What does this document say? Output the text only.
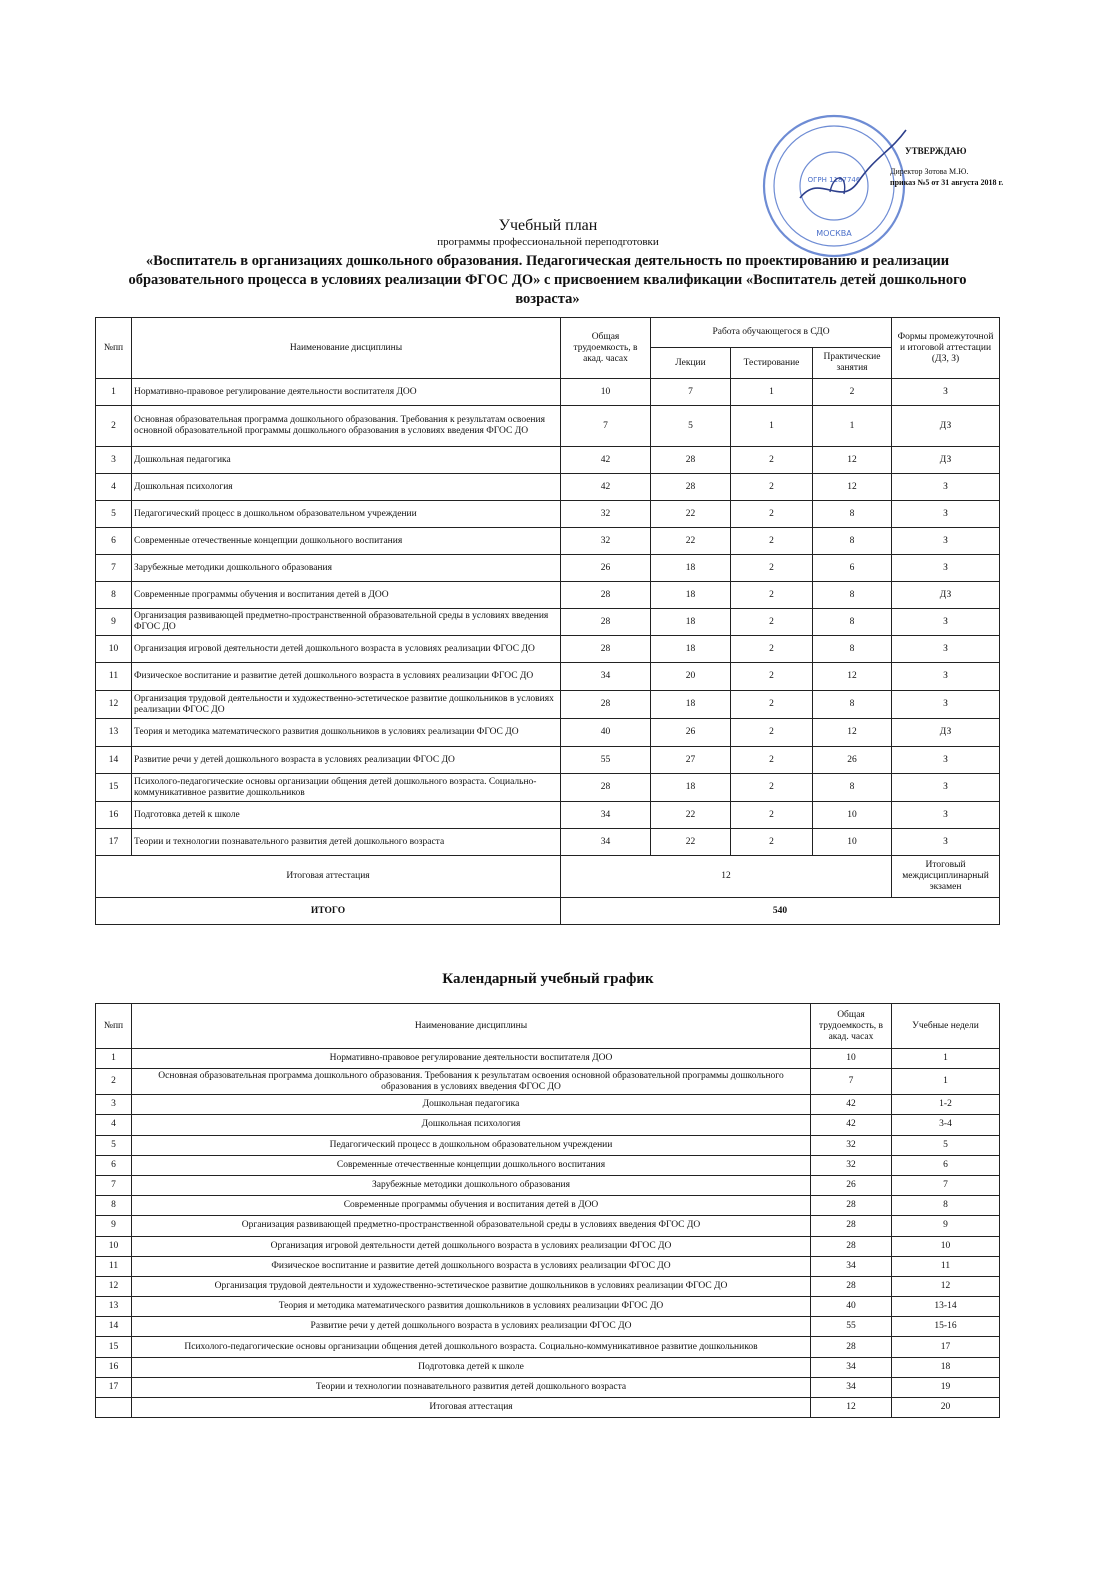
ОГРН 1187746
МОСКВА
УТВЕРЖДАЮ
Директор Зотова М.Ю.
приказ №5 от 31 августа 2018 г.
Учебный план
программы профессиональной переподготовки
«Воспитатель в организациях дошкольного образования. Педагогическая деятельность по проектированию и реализации образовательного процесса в условиях реализации ФГОС ДО» с присвоением квалификации «Воспитатель детей дошкольного возраста»
№пп	Наименование дисциплины	Общая трудоемкость, в акад. часах	Работа обучающегося в СДО			Формы промежуточной и итоговой аттестации (ДЗ, З)
			Лекции	Тестирование	Практические занятия	
1	Нормативно-правовое регулирование деятельности воспитателя ДОО	10	7	1	2	З
2	Основная образовательная программа дошкольного образования. Требования к результатам освоения основной образовательной программы дошкольного образования в условиях введения ФГОС ДО	7	5	1	1	ДЗ
3	Дошкольная педагогика	42	28	2	12	ДЗ
4	Дошкольная психология	42	28	2	12	З
5	Педагогический процесс в дошкольном образовательном учреждении	32	22	2	8	З
6	Современные отечественные концепции дошкольного воспитания	32	22	2	8	З
7	Зарубежные методики дошкольного образования	26	18	2	6	З
8	Современные программы обучения и воспитания детей в ДОО	28	18	2	8	ДЗ
9	Организация развивающей предметно-пространственной образовательной среды в условиях введения ФГОС ДО	28	18	2	8	З
10	Организация игровой деятельности детей дошкольного возраста в условиях реализации ФГОС ДО	28	18	2	8	З
11	Физическое воспитание и развитие детей дошкольного возраста в условиях реализации ФГОС ДО	34	20	2	12	З
12	Организация трудовой деятельности и художественно-эстетическое развитие дошкольников в условиях реализации ФГОС ДО	28	18	2	8	З
13	Теория и методика математического развития дошкольников в условиях реализации ФГОС ДО	40	26	2	12	ДЗ
14	Развитие речи у детей дошкольного возраста в условиях реализации ФГОС ДО	55	27	2	26	З
15	Психолого-педагогические основы организации общения детей дошкольного возраста. Социально-коммуникативное развитие дошкольников	28	18	2	8	З
16	Подготовка детей к школе	34	22	2	10	З
17	Теории и технологии познавательного развития детей дошкольного возраста	34	22	2	10	З
Итоговая аттестация		12				Итоговый междисциплинарный экзамен
ИТОГО		540				
Календарный учебный график
№пп	Наименование дисциплины	Общая трудоемкость, в акад. часах	Учебные недели
1	Нормативно-правовое регулирование деятельности воспитателя ДОО	10	1
2	Основная образовательная программа дошкольного образования. Требования к результатам освоения основной образовательной программы дошкольного образования в условиях введения ФГОС ДО	7	1
3	Дошкольная педагогика	42	1-2
4	Дошкольная психология	42	3-4
5	Педагогический процесс в дошкольном образовательном учреждении	32	5
6	Современные отечественные концепции дошкольного воспитания	32	6
7	Зарубежные методики дошкольного образования	26	7
8	Современные программы обучения и воспитания детей в ДОО	28	8
9	Организация развивающей предметно-пространственной образовательной среды в условиях введения ФГОС ДО	28	9
10	Организация игровой деятельности детей дошкольного возраста в условиях реализации ФГОС ДО	28	10
11	Физическое воспитание и развитие детей дошкольного возраста в условиях реализации ФГОС ДО	34	11
12	Организация трудовой деятельности и художественно-эстетическое развитие дошкольников в условиях реализации ФГОС ДО	28	12
13	Теория и методика математического развития дошкольников в условиях реализации ФГОС ДО	40	13-14
14	Развитие речи у детей дошкольного возраста в условиях реализации ФГОС ДО	55	15-16
15	Психолого-педагогические основы организации общения детей дошкольного возраста. Социально-коммуникативное развитие дошкольников	28	17
16	Подготовка детей к школе	34	18
17	Теории и технологии познавательного развития детей дошкольного возраста	34	19
	Итоговая аттестация	12	20
